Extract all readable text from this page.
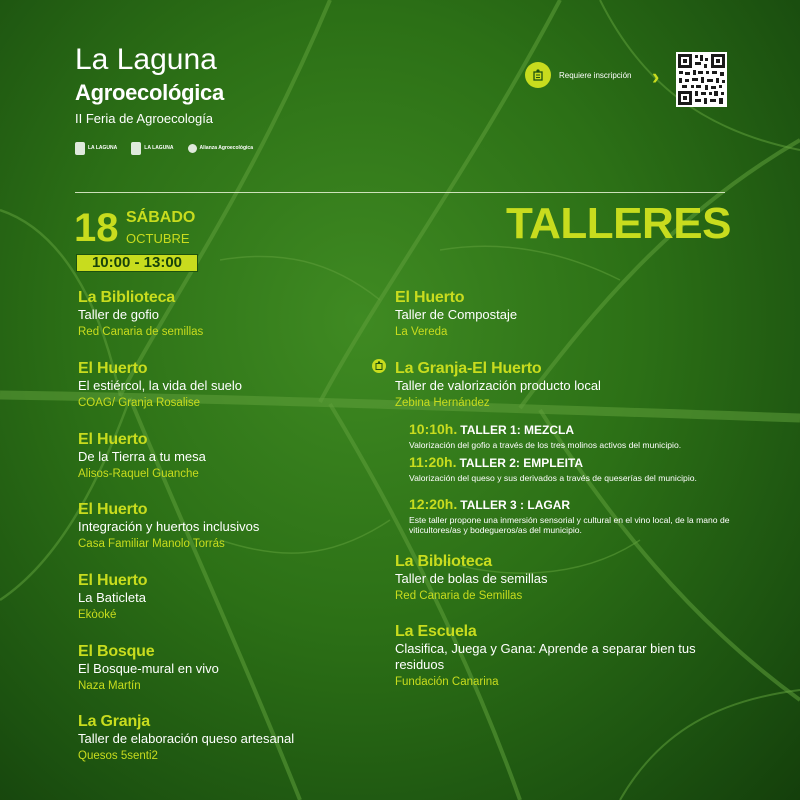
La Laguna
Agroecológica
II Feria de Agroecología
LA LAGUNA	LA LAGUNA	Alianza Agroecológica
Requiere inscripción ›
18 SÁBADO
OCTUBRE
10:00 - 13:00
TALLERES
La Biblioteca
Taller de gofio
Red Canaria de semillas
El Huerto
El estiércol, la vida del suelo
COAG/ Granja Rosalise
El Huerto
De la Tierra a tu mesa
Alisos-Raquel Guanche
El Huerto
Integración y huertos inclusivos
Casa Familiar Manolo Torrás
El Huerto
La Baticleta
Ekòoké
El Bosque
El Bosque-mural en vivo
Naza Martín
La Granja
Taller de elaboración queso artesanal
Quesos 5senti2
El Huerto
Taller de Compostaje
La Vereda
La Granja-El Huerto
Taller de valorización producto local
Zebina Hernández
10:10h. TALLER 1: MEZCLA
Valorización del gofio a través de los tres molinos activos del municipio.
11:20h. TALLER 2: EMPLEITA
Valorización del queso y sus derivados a través de queserías del municipio.
12:20h. TALLER 3 : LAGAR
Este taller propone una inmersión sensorial y cultural en el vino local, de la mano de viticultores/as y bodegueros/as del municipio.
La Biblioteca
Taller de bolas de semillas
Red Canaria de Semillas
La Escuela
Clasifica, Juega y Gana: Aprende a separar bien tus residuos
Fundación Canarina
